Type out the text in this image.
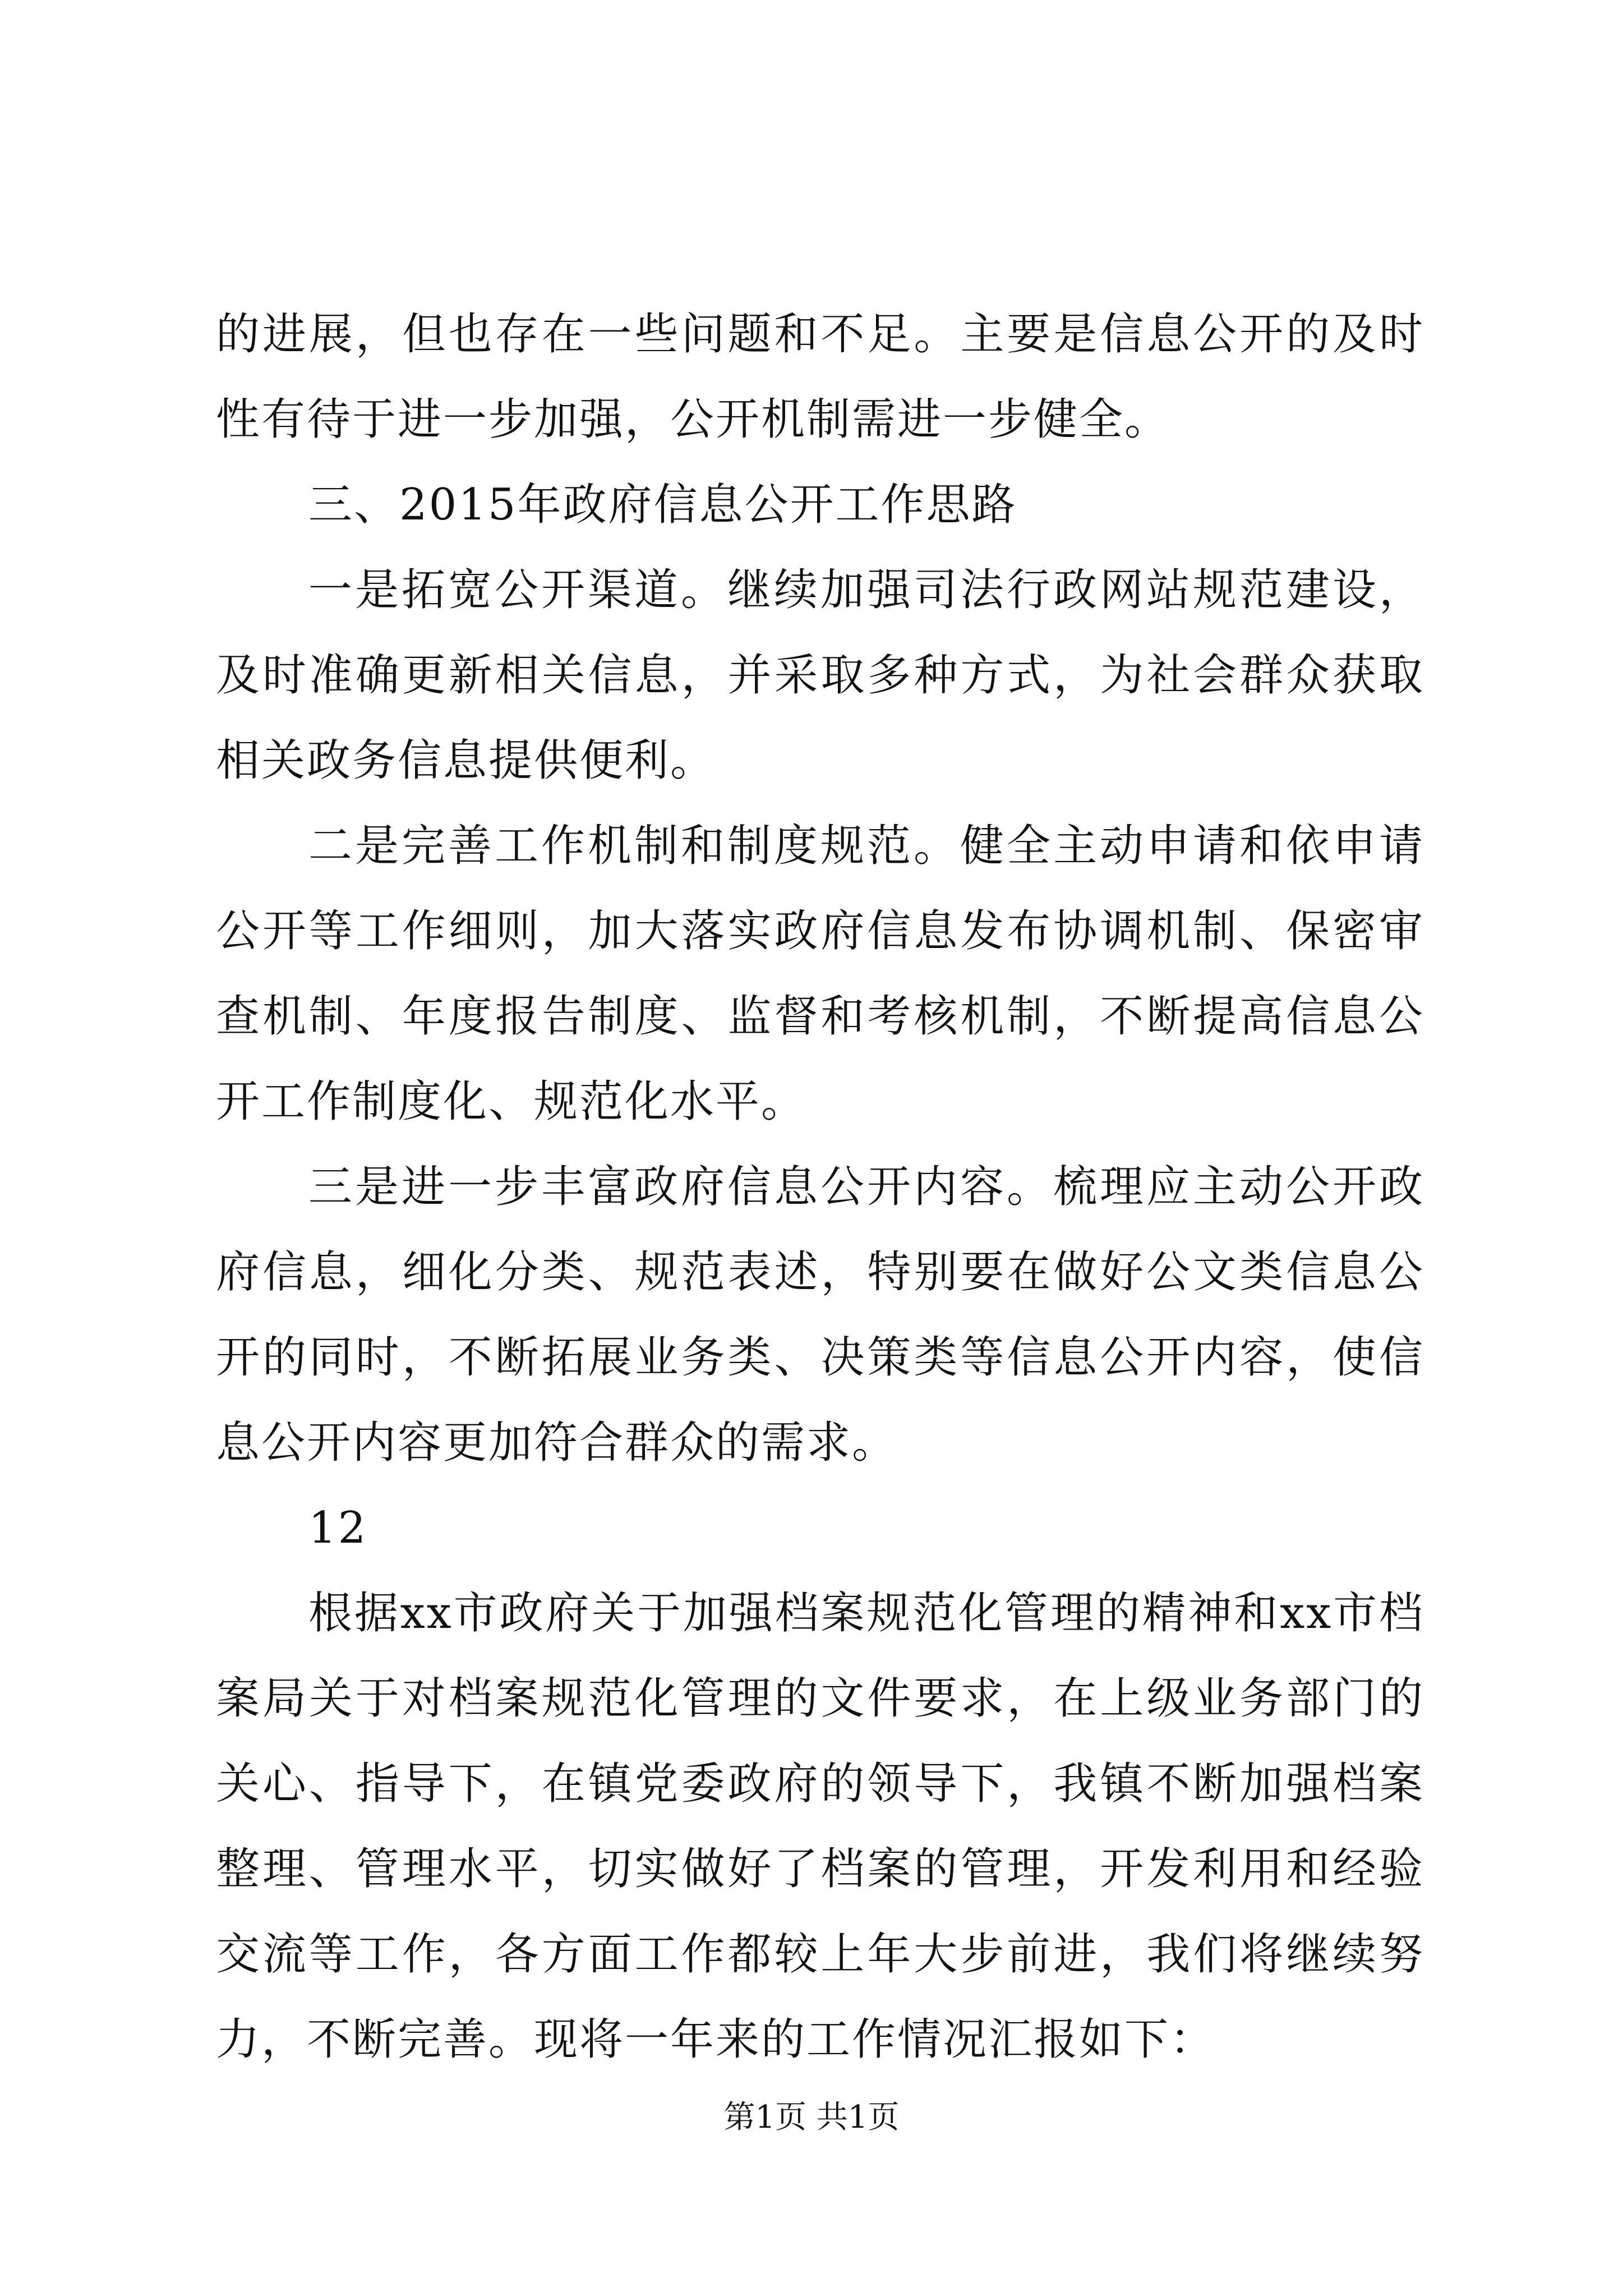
的进展，但也存在一些问题和不足。主要是信息公开的及时性有待于进一步加强，公开机制需进一步健全。

三、2015年政府信息公开工作思路

一是拓宽公开渠道。继续加强司法行政网站规范建设，及时准确更新相关信息，并采取多种方式，为社会群众获取相关政务信息提供便利。

二是完善工作机制和制度规范。健全主动申请和依申请公开等工作细则，加大落实政府信息发布协调机制、保密审查机制、年度报告制度、监督和考核机制，不断提高信息公开工作制度化、规范化水平。

三是进一步丰富政府信息公开内容。梳理应主动公开政府信息，细化分类、规范表述，特别要在做好公文类信息公开的同时，不断拓展业务类、决策类等信息公开内容，使信息公开内容更加符合群众的需求。

12

根据xx市政府关于加强档案规范化管理的精神和xx市档案局关于对档案规范化管理的文件要求，在上级业务部门的关心、指导下，在镇党委政府的领导下，我镇不断加强档案整理、管理水平，切实做好了档案的管理，开发利用和经验交流等工作，各方面工作都较上年大步前进，我们将继续努力，不断完善。现将一年来的工作情况汇报如下：

第1页 共1页
